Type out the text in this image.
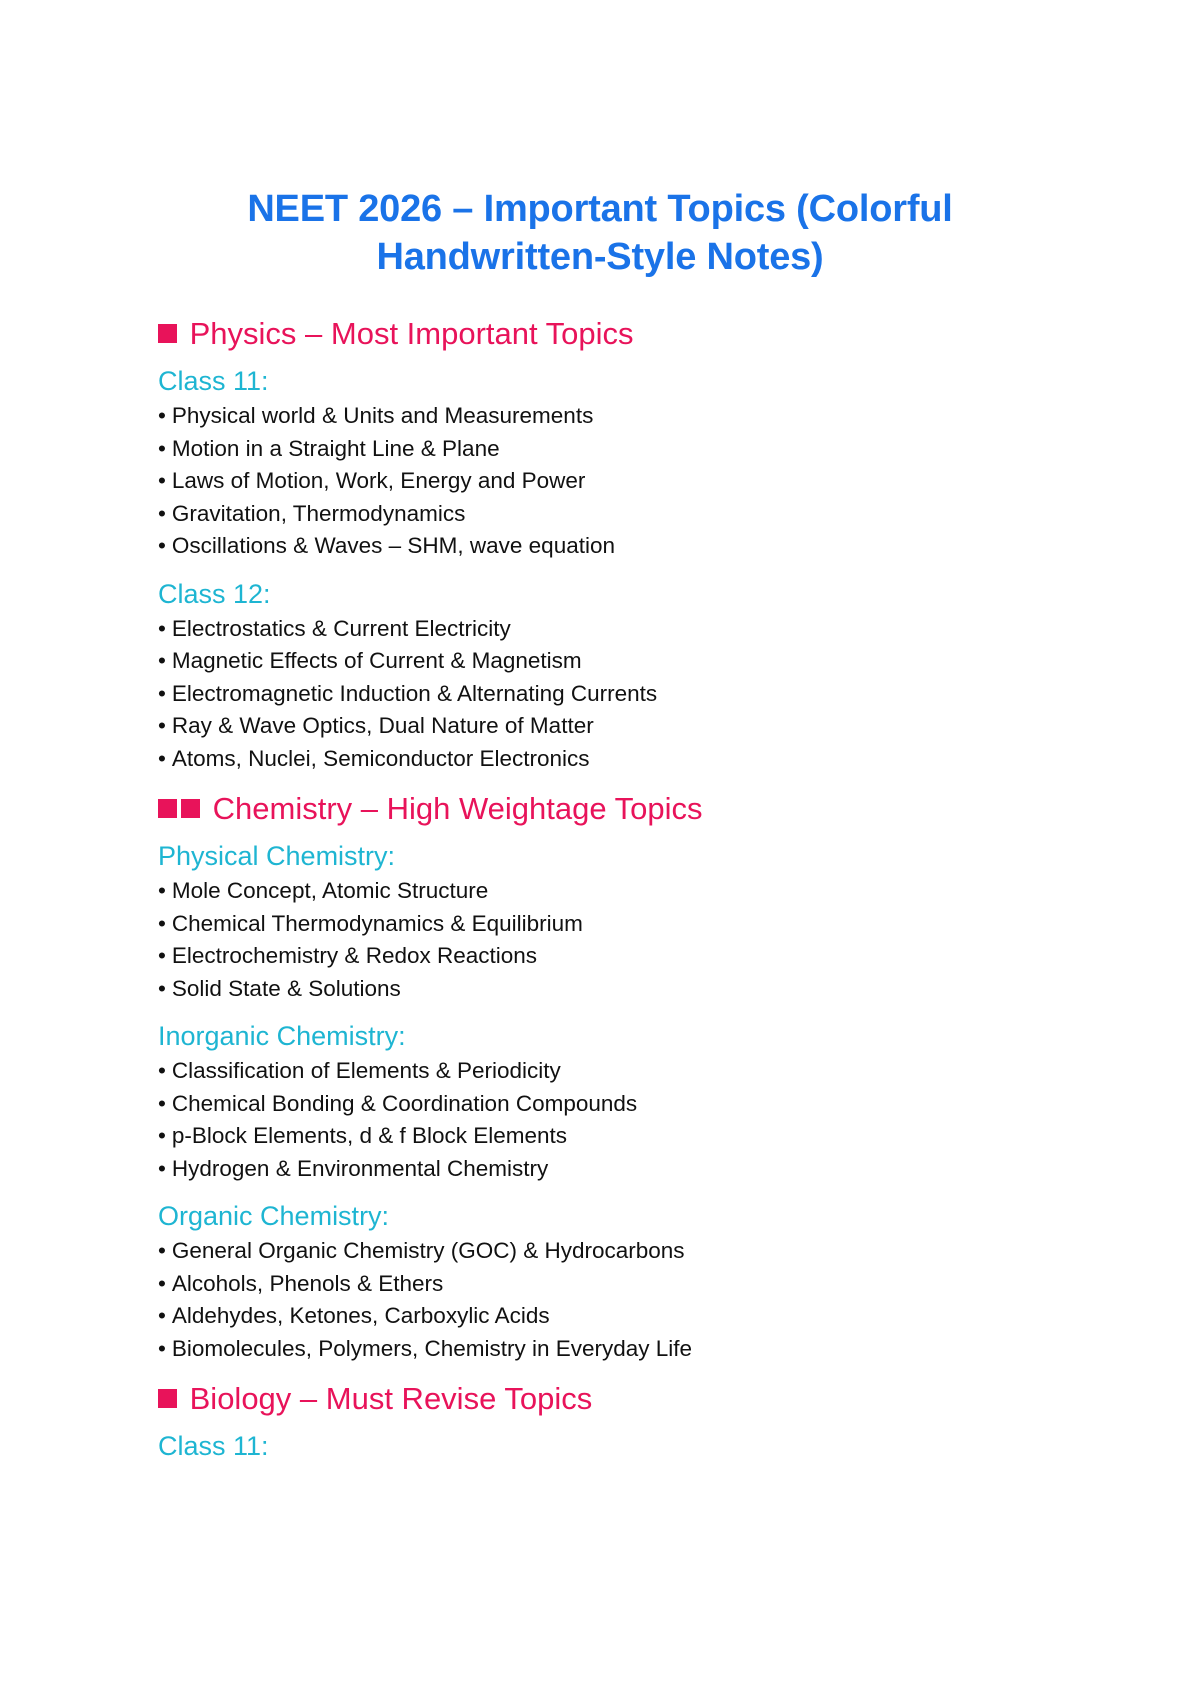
NEET 2026 – Important Topics (Colorful Handwritten-Style Notes)
Physics – Most Important Topics
Class 11:
• Physical world & Units and Measurements
• Motion in a Straight Line & Plane
• Laws of Motion, Work, Energy and Power
• Gravitation, Thermodynamics
• Oscillations & Waves – SHM, wave equation
Class 12:
• Electrostatics & Current Electricity
• Magnetic Effects of Current & Magnetism
• Electromagnetic Induction & Alternating Currents
• Ray & Wave Optics, Dual Nature of Matter
• Atoms, Nuclei, Semiconductor Electronics
Chemistry – High Weightage Topics
Physical Chemistry:
• Mole Concept, Atomic Structure
• Chemical Thermodynamics & Equilibrium
• Electrochemistry & Redox Reactions
• Solid State & Solutions
Inorganic Chemistry:
• Classification of Elements & Periodicity
• Chemical Bonding & Coordination Compounds
• p-Block Elements, d & f Block Elements
• Hydrogen & Environmental Chemistry
Organic Chemistry:
• General Organic Chemistry (GOC) & Hydrocarbons
• Alcohols, Phenols & Ethers
• Aldehydes, Ketones, Carboxylic Acids
• Biomolecules, Polymers, Chemistry in Everyday Life
Biology – Must Revise Topics
Class 11:
